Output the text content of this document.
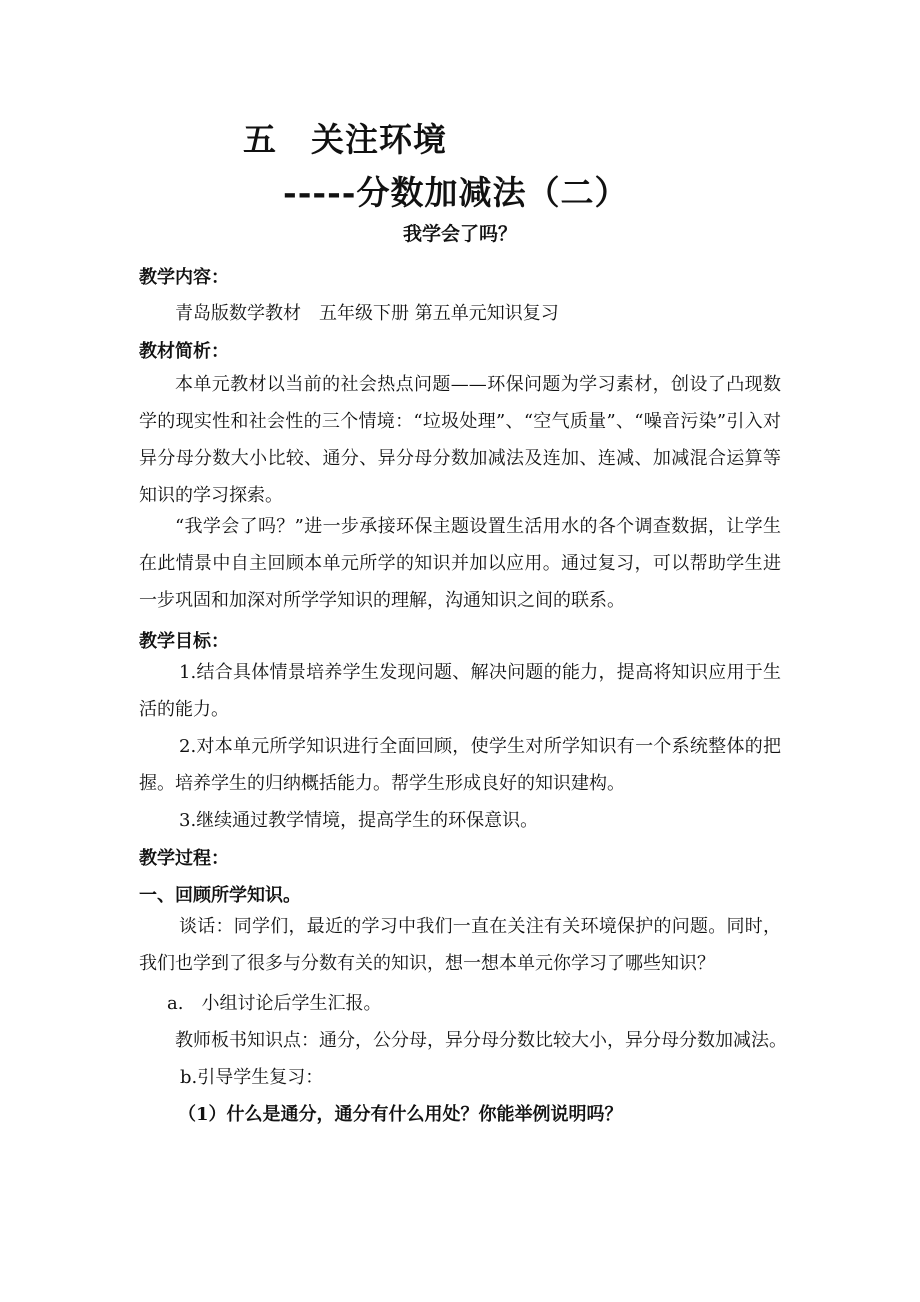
五 关注环境
-----分数加减法（二）
我学会了吗？
教学内容：
青岛版数学教材　五年级下册 第五单元知识复习
教材简析：
本单元教材以当前的社会热点问题——环保问题为学习素材，创设了凸现数学的现实性和社会性的三个情境：“垃圾处理”、“空气质量”、“噪音污染”引入对异分母分数大小比较、通分、异分母分数加减法及连加、连减、加减混合运算等知识的学习探索。
“我学会了吗？”进一步承接环保主题设置生活用水的各个调查数据，让学生在此情景中自主回顾本单元所学的知识并加以应用。通过复习，可以帮助学生进一步巩固和加深对所学学知识的理解，沟通知识之间的联系。
教学目标：
1.结合具体情景培养学生发现问题、解决问题的能力，提高将知识应用于生活的能力。
2.对本单元所学知识进行全面回顾，使学生对所学知识有一个系统整体的把握。培养学生的归纳概括能力。帮学生形成良好的知识建构。
3.继续通过教学情境，提高学生的环保意识。
教学过程：
一、回顾所学知识。
谈话：同学们，最近的学习中我们一直在关注有关环境保护的问题。同时，我们也学到了很多与分数有关的知识，想一想本单元你学习了哪些知识？
a.　小组讨论后学生汇报。
教师板书知识点：通分，公分母，异分母分数比较大小，异分母分数加减法。
b.引导学生复习：
（1）什么是通分，通分有什么用处？你能举例说明吗？
